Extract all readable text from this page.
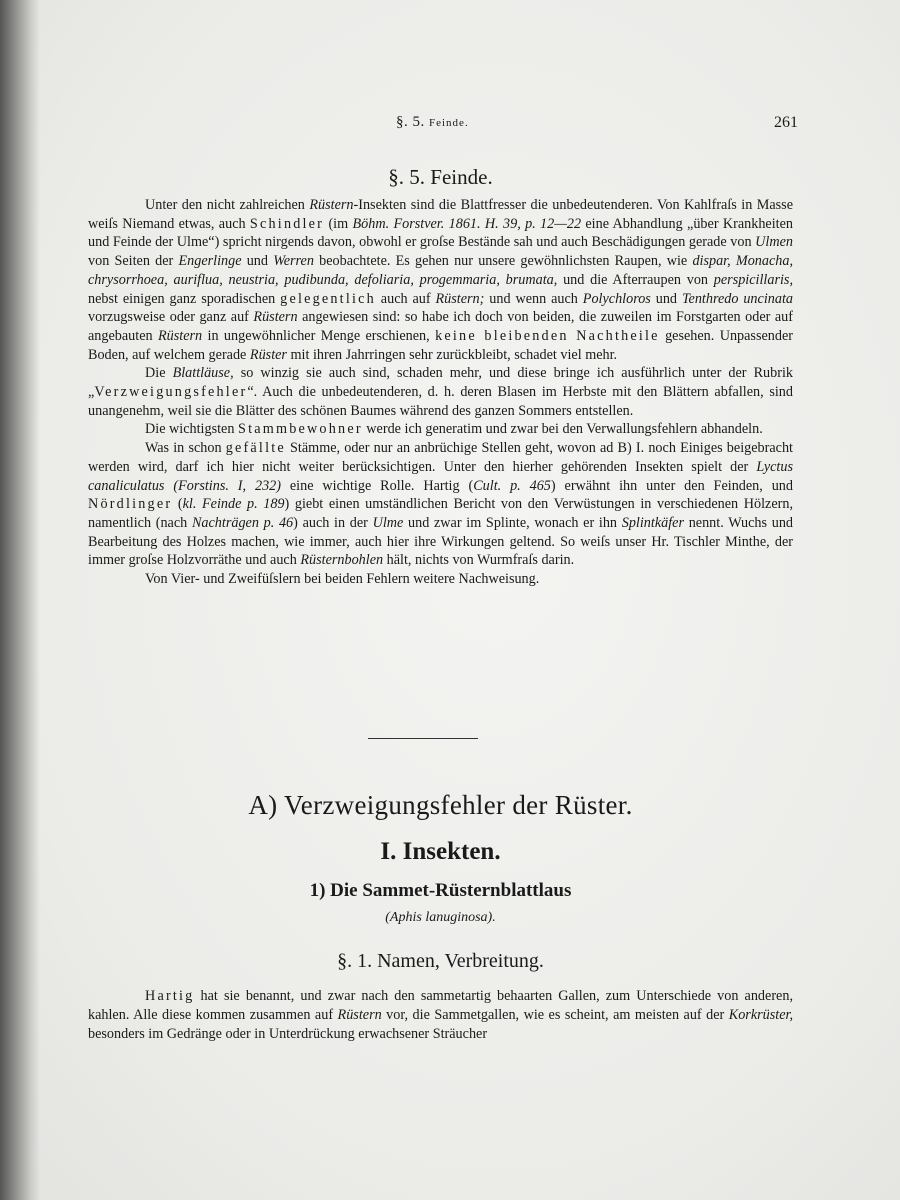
§. 5. Feinde.	261
§. 5. Feinde.

Unter den nicht zahlreichen Rüstern-Insekten sind die Blattfresser die unbedeutenderen. Von Kahlfraſs in Masse weiſs Niemand etwas, auch Schindler (im Böhm. Forstver. 1861. H. 39, p. 12—22 eine Abhandlung „über Krankheiten und Feinde der Ulme“) spricht nirgends davon, obwohl er groſse Bestände sah und auch Beschädigungen gerade von Ulmen von Seiten der Engerlinge und Werren beobachtete. Es gehen nur unsere gewöhnlichsten Raupen, wie dispar, Monacha, chrysorrhoea, auriflua, neustria, pudibunda, defoliaria, progemmaria, brumata, und die Afterraupen von perspicillaris, nebst einigen ganz sporadischen gelegentlich auch auf Rüstern; und wenn auch Polychloros und Tenthredo uncinata vorzugsweise oder ganz auf Rüstern angewiesen sind: so habe ich doch von beiden, die zuweilen im Forstgarten oder auf angebauten Rüstern in ungewöhnlicher Menge erschienen, keine bleibenden Nachtheile gesehen. Unpassender Boden, auf welchem gerade Rüster mit ihren Jahrringen sehr zurückbleibt, schadet viel mehr.

Die Blattläuse, so winzig sie auch sind, schaden mehr, und diese bringe ich ausführlich unter der Rubrik „Verzweigungsfehler“. Auch die unbedeutenderen, d. h. deren Blasen im Herbste mit den Blättern abfallen, sind unangenehm, weil sie die Blätter des schönen Baumes während des ganzen Sommers entstellen.

Die wichtigsten Stammbewohner werde ich generatim und zwar bei den Verwallungsfehlern abhandeln.

Was in schon gefällte Stämme, oder nur an anbrüchige Stellen geht, wovon ad B) I. noch Einiges beigebracht werden wird, darf ich hier nicht weiter berücksichtigen. Unter den hierher gehörenden Insekten spielt der Lyctus canaliculatus (Forstins. I, 232) eine wichtige Rolle. Hartig (Cult. p. 465) erwähnt ihn unter den Feinden, und Nördlinger (kl. Feinde p. 189) giebt einen umständlichen Bericht von den Verwüstungen in verschiedenen Hölzern, namentlich (nach Nachträgen p. 46) auch in der Ulme und zwar im Splinte, wonach er ihn Splintkäfer nennt. Wuchs und Bearbeitung des Holzes machen, wie immer, auch hier ihre Wirkungen geltend. So weiſs unser Hr. Tischler Minthe, der immer groſse Holzvorräthe und auch Rüsternbohlen hält, nichts von Wurmfraſs darin.

Von Vier- und Zweifüſslern bei beiden Fehlern weitere Nachweisung.

A) Verzweigungsfehler der Rüster.
I. Insekten.
1) Die Sammet-Rüsternblattlaus
(Aphis lanuginosa).
§. 1. Namen, Verbreitung.

Hartig hat sie benannt, und zwar nach den sammetartig behaarten Gallen, zum Unterschiede von anderen, kahlen. Alle diese kommen zusammen auf Rüstern vor, die Sammetgallen, wie es scheint, am meisten auf der Korkrüster, besonders im Gedränge oder in Unterdrückung erwachsener Sträucher
